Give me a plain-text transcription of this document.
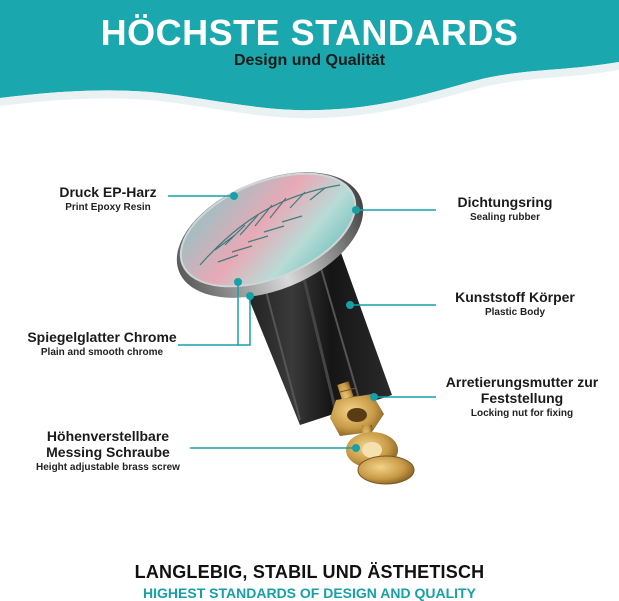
HÖCHSTE STANDARDS
Design und Qualität
Druck EP-Harz
Print Epoxy Resin	Dichtungsring
Sealing rubber
Kunststoff Körper
Plastic Body
Spiegelglatter Chrome
Plain and smooth chrome
Arretierungsmutter zur Feststellung
Locking nut for fixing
Höhenverstellbare Messing Schraube
Height adjustable brass screw
LANGLEBIG, STABIL UND ÄSTHETISCH
HIGHEST STANDARDS OF DESIGN AND QUALITY
